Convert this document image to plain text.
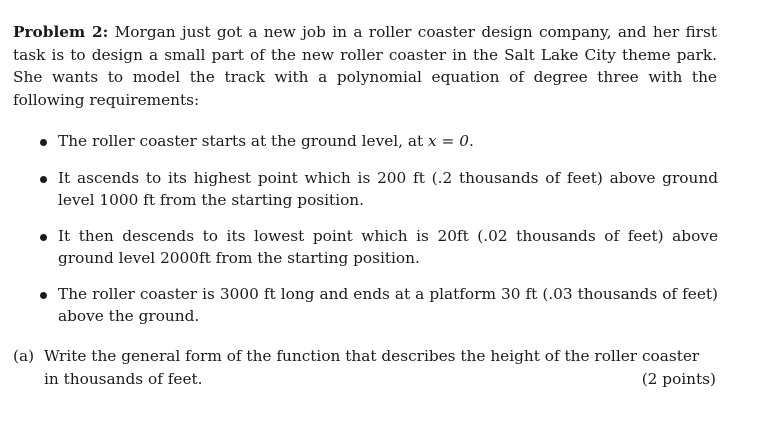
Problem 2: Morgan just got a new job in a roller coaster design company, and her first task is to design a small part of the new roller coaster in the Salt Lake City theme park. She wants to model the track with a polynomial equation of degree three with the following requirements:
The roller coaster starts at the ground level, at x = 0.
It ascends to its highest point which is 200 ft (.2 thousands of feet) above ground level 1000 ft from the starting position.
It then descends to its lowest point which is 20ft (.02 thousands of feet) above ground level 2000ft from the starting position.
The roller coaster is 3000 ft long and ends at a platform 30 ft (.03 thousands of feet) above the ground.
(a) Write the general form of the function that describes the height of the roller coaster in thousands of feet.	(2 points)
